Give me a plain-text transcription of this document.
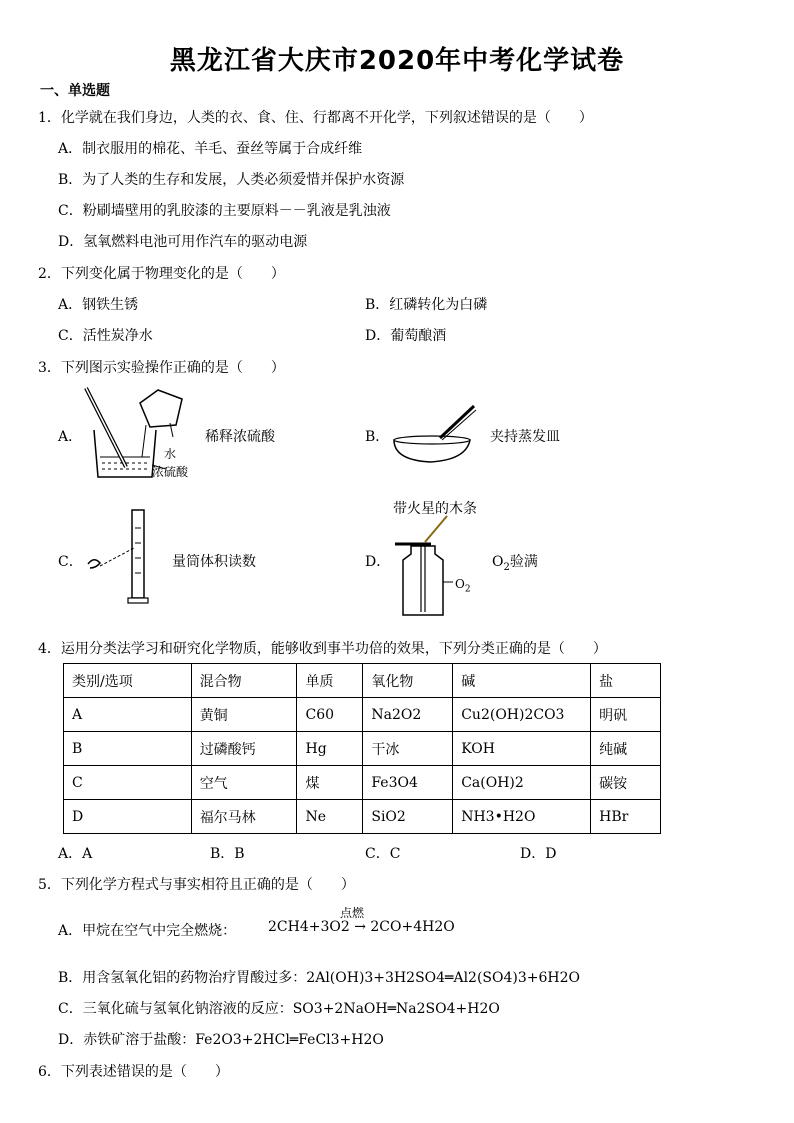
黑龙江省大庆市2020年中考化学试卷
一、单选题
1．化学就在我们身边，人类的衣、食、住、行都离不开化学，下列叙述错误的是（　　）
A．制衣服用的棉花、羊毛、蚕丝等属于合成纤维
B．为了人类的生存和发展，人类必须爱惜并保护水资源
C．粉刷墙壁用的乳胶漆的主要原料－－乳液是乳浊液
D．氢氧燃料电池可用作汽车的驱动电源
2．下列变化属于物理变化的是（　　）
A．钢铁生锈	B．红磷转化为白磷
C．活性炭净水	D．葡萄酿酒
3．下列图示实验操作正确的是（　　）
A．
水
浓硫酸
稀释浓硫酸	B．	夹持蒸发皿
C．	量筒体积读数	D．
带火星的木条
$O_2$
$O_2$验满
4．运用分类法学习和研究化学物质，能够收到事半功倍的效果，下列分类正确的是（　　）
类别/选项	混合物	单质	氧化物	碱	盐
A	黄铜	C60	Na2O2	Cu2(OH)2CO3	明矾
B	过磷酸钙	Hg	干冰	KOH	纯碱
C	空气	煤	Fe3O4	Ca(OH)2	碳铵
D	福尔马林	Ne	SiO2	NH3•H2O	HBr
A．A	B．B	C．C	D．D
5．下列化学方程式与事实相符且正确的是（　　）
A．甲烷在空气中完全燃烧：
点燃
2CH4+3O2 → 2CO+4H2O
B．用含氢氧化铝的药物治疗胃酸过多：2Al(OH)3+3H2SO4═Al2(SO4)3+6H2O
C．三氧化硫与氢氧化钠溶液的反应：SO3+2NaOH═Na2SO4+H2O
D．赤铁矿溶于盐酸：Fe2O3+2HCl═FeCl3+H2O
6．下列表述错误的是（　　）
